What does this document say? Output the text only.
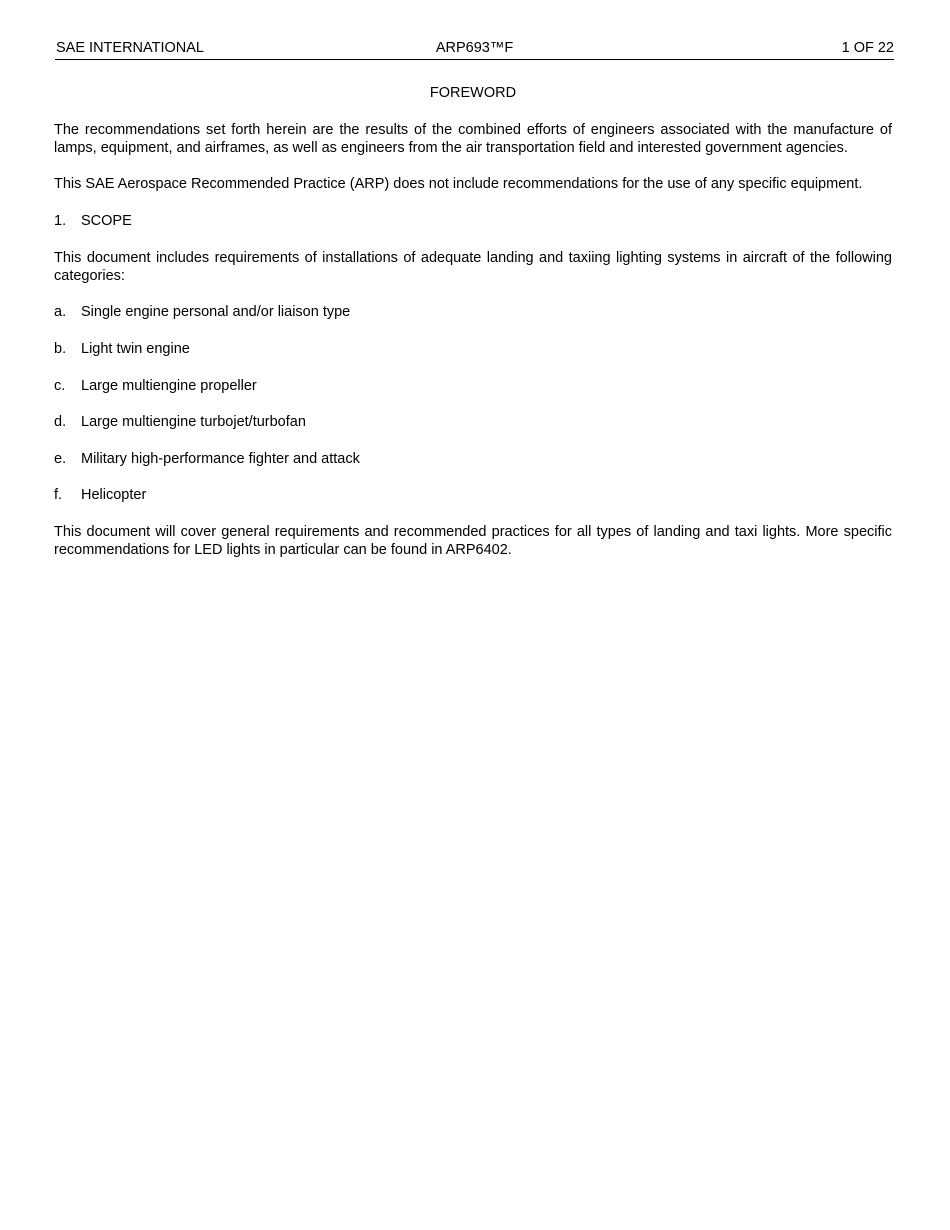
SAE INTERNATIONAL	ARP693™F	1 OF 22
FOREWORD

The recommendations set forth herein are the results of the combined efforts of engineers associated with the manufacture of lamps, equipment, and airframes, as well as engineers from the air transportation field and interested government agencies.

This SAE Aerospace Recommended Practice (ARP) does not include recommendations for the use of any specific equipment.

1.	SCOPE

This document includes requirements of installations of adequate landing and taxiing lighting systems in aircraft of the following categories:

a.	Single engine personal and/or liaison type
b.	Light twin engine
c.	Large multiengine propeller
d.	Large multiengine turbojet/turbofan
e.	Military high-performance fighter and attack
f.	Helicopter

This document will cover general requirements and recommended practices for all types of landing and taxi lights. More specific recommendations for LED lights in particular can be found in ARP6402.
